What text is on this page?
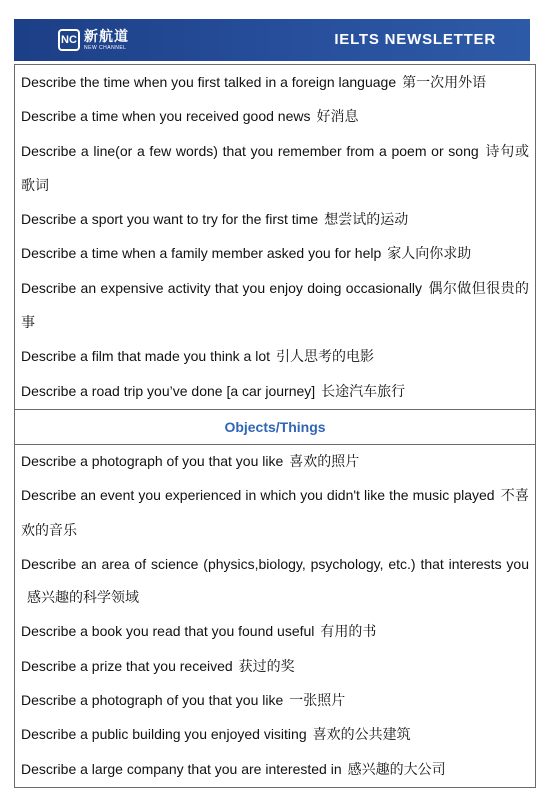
NC 新航道
NEW CHANNEL	IELTS NEWSLETTER
Describe the time when you first talked in a foreign language 第一次用外语
Describe a time when you received good news 好消息
Describe a line(or a few words) that you remember from a poem or song 诗句或歌词
Describe a sport you want to try for the first time 想尝试的运动
Describe a time when a family member asked you for help 家人向你求助
Describe an expensive activity that you enjoy doing occasionally 偶尔做但很贵的事
Describe a film that made you think a lot 引人思考的电影
Describe a road trip you’ve done [a car journey] 长途汽车旅行
Objects/Things
Describe a photograph of you that you like 喜欢的照片
Describe an event you experienced in which you didn't like the music played 不喜欢的音乐
Describe an area of science (physics,biology, psychology, etc.) that interests you感兴趣的科学领域
Describe a book you read that you found useful 有用的书
Describe a prize that you received 获过的奖
Describe a photograph of you that you like 一张照片
Describe a public building you enjoyed visiting 喜欢的公共建筑
Describe a large company that you are interested in 感兴趣的大公司
